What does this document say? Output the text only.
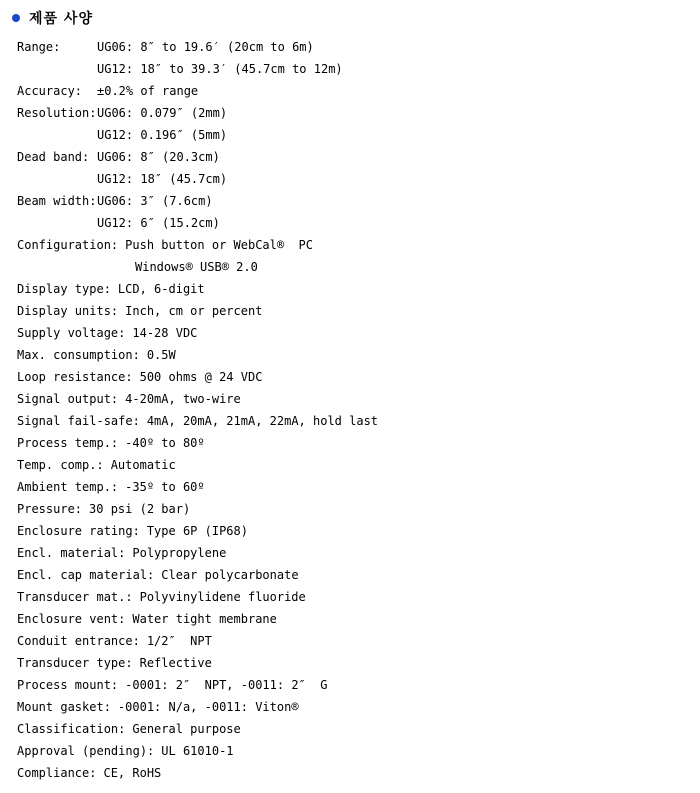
제품 사양
Range:	UG06: 8″ to 19.6′ (20cm to 6m)
UG12: 18″ to 39.3′ (45.7cm to 12m)
Accuracy:	±0.2% of range
Resolution: UG06: 0.079″ (2mm)
UG12: 0.196″ (5mm)
Dead band: UG06: 8″ (20.3cm)
UG12: 18″ (45.7cm)
Beam width: UG06: 3″ (7.6cm)
UG12: 6″ (15.2cm)
Configuration: Push button or WebCal®  PC
Windows® USB® 2.0
Display type: LCD, 6-digit
Display units: Inch, cm or percent
Supply voltage: 14-28 VDC
Max. consumption: 0.5W
Loop resistance: 500 ohms @ 24 VDC
Signal output: 4-20mA, two-wire
Signal fail-safe: 4mA, 20mA, 21mA, 22mA, hold last
Process temp.: -40º to 80º
Temp. comp.: Automatic
Ambient temp.: -35º to 60º
Pressure: 30 psi (2 bar)
Enclosure rating: Type 6P (IP68)
Encl. material: Polypropylene
Encl. cap material: Clear polycarbonate
Transducer mat.: Polyvinylidene fluoride
Enclosure vent: Water tight membrane
Conduit entrance: 1/2″  NPT
Transducer type: Reflective
Process mount: -0001: 2″  NPT, -0011: 2″  G
Mount gasket: -0001: N/a, -0011: Viton®
Classification: General purpose
Approval (pending): UL 61010-1
Compliance: CE, RoHS
